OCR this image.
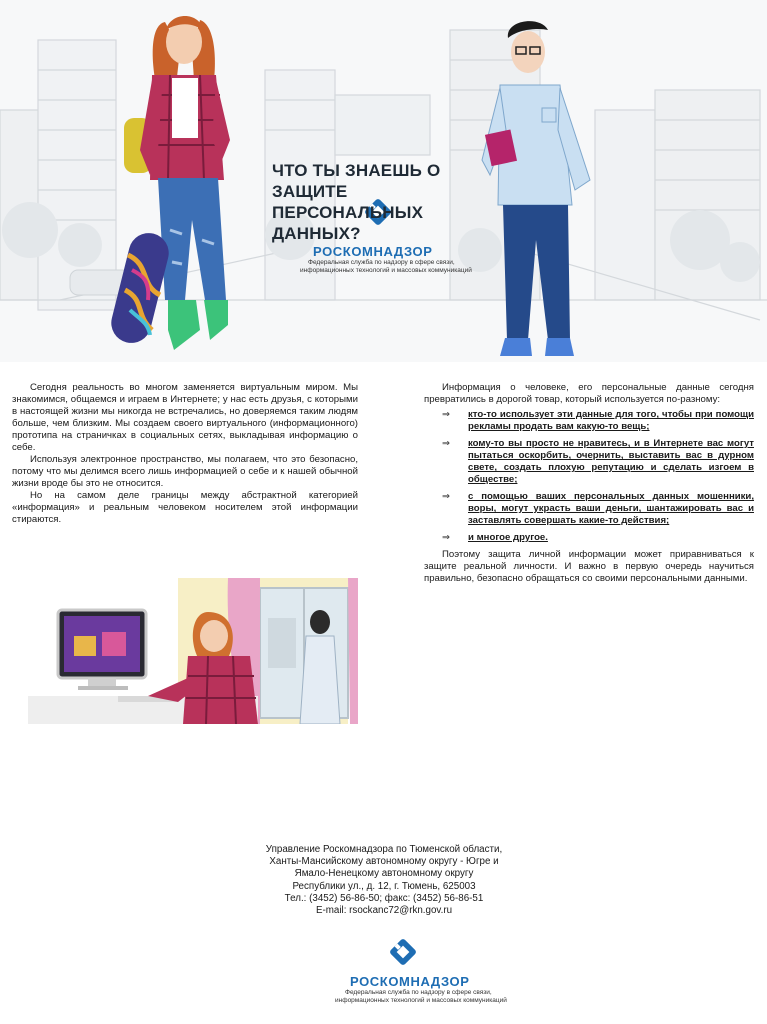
ЧТО ТЫ ЗНАЕШЬ О ЗАЩИТЕ
ПЕРСОНАЛЬНЫХ ДАННЫХ?
РОСКОМНАДЗОР
Федеральная служба по надзору в сфере связи,
информационных технологий и массовых коммуникаций

Сегодня реальность во многом заменяется виртуальным миром. Мы знакомимся, общаемся и играем в Интернете; у нас есть друзья, с которыми в настоящей жизни мы никогда не встречались, но доверяемся таким людям больше, чем близким. Мы создаем своего виртуального (информационного) прототипа на страничках в социальных сетях, выкладывая информацию о себе.

Используя электронное пространство, мы полагаем, что это безопасно, потому что мы делимся всего лишь информацией о себе и к нашей обычной жизни вроде бы это не относится.

Но на самом деле границы между абстрактной категорией «информация» и реальным человеком носителем этой информации стираются.

Информация о человеке, его персональные данные сегодня превратились в дорогой товар, который используется по-разному:

⇒ кто-то использует эти данные для того, чтобы при помощи рекламы продать вам какую-то вещь;
⇒ кому-то вы просто не нравитесь, и в Интернете вас могут пытаться оскорбить, очернить, выставить вас в дурном свете, создать плохую репутацию и сделать изгоем в обществе;
⇒ с помощью ваших персональных данных мошенники, воры, могут украсть ваши деньги, шантажировать вас и заставлять совершать какие-то действия;
⇒ и многое другое.

Поэтому защита личной информации может приравниваться к защите реальной личности. И важно в первую очередь научиться правильно, безопасно обращаться со своими персональными данными.

Управление Роскомнадзора по Тюменской области,
Ханты-Мансийскому автономному округу - Югре и
Ямало-Ненецкому автономному округу
Республики ул., д. 12, г. Тюмень, 625003
Тел.: (3452) 56-86-50; факс: (3452) 56-86-51
E-mail: rsockanc72@rkn.gov.ru
РОСКОМНАДЗОР
Федеральная служба по надзору в сфере связи,
информационных технологий и массовых коммуникаций
